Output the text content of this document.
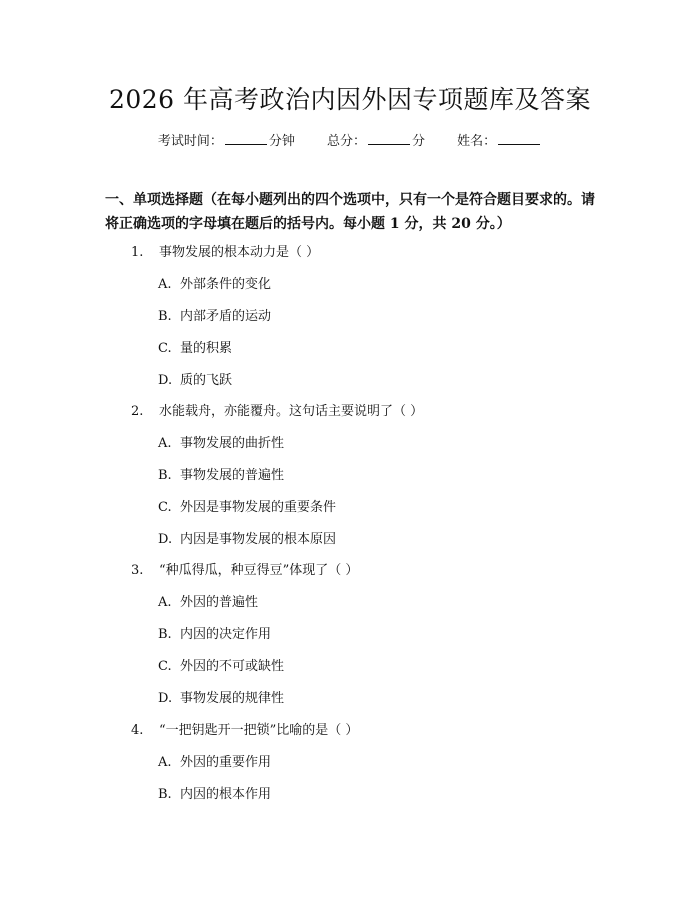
2026 年高考政治内因外因专项题库及答案
考试时间：	分钟 总分：	分 姓名：
一、单项选择题（在每小题列出的四个选项中，只有一个是符合题目要求的。请将正确选项的字母填在题后的括号内。每小题 1 分，共 20 分。）
1. 事物发展的根本动力是（ ）
A. 外部条件的变化
B. 内部矛盾的运动
C. 量的积累
D. 质的飞跃
2. 水能载舟，亦能覆舟。这句话主要说明了（ ）
A. 事物发展的曲折性
B. 事物发展的普遍性
C. 外因是事物发展的重要条件
D. 内因是事物发展的根本原因
3. “种瓜得瓜，种豆得豆”体现了（ ）
A. 外因的普遍性
B. 内因的决定作用
C. 外因的不可或缺性
D. 事物发展的规律性
4. “一把钥匙开一把锁”比喻的是（ ）
A. 外因的重要作用
B. 内因的根本作用
